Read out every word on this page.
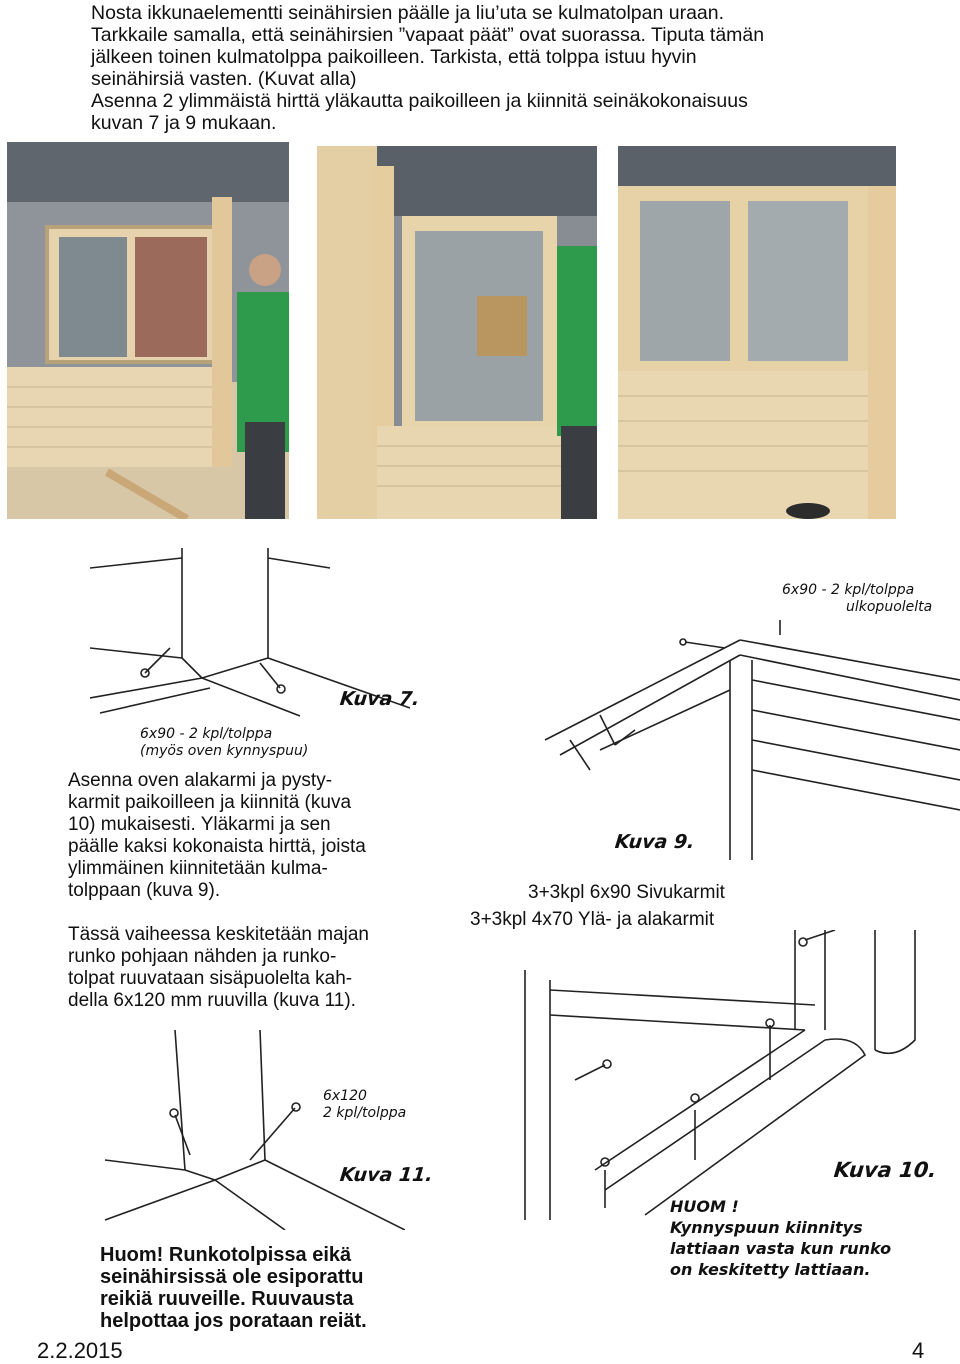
Nosta ikkunaelementti seinähirsien päälle ja liu’uta se kulmatolpan uraan.
Tarkkaile samalla, että seinähirsien ”vapaat päät” ovat suorassa. Tiputa tämän
jälkeen toinen kulmatolppa paikoilleen. Tarkista, että tolppa istuu hyvin
seinähirsiä vasten. (Kuvat alla)
Asenna 2 ylimmäistä hirttä yläkautta paikoilleen ja kiinnitä seinäkokonaisuus
kuvan 7 ja 9 mukaan.
Kuva 7.
6x90 - 2 kpl/tolppa
(myös oven kynnyspuu)
Asenna oven alakarmi ja pysty-
karmit paikoilleen ja kiinnitä (kuva
10) mukaisesti. Yläkarmi ja sen
päälle kaksi kokonaista hirttä, joista
ylimmäinen kiinnitetään kulma-
tolppaan (kuva 9).
Tässä vaiheessa keskitetään majan
runko pohjaan nähden ja runko-
tolpat ruuvataan sisäpuolelta kah-
della 6x120 mm ruuvilla (kuva 11).
6x90 - 2 kpl/tolppa
ulkopuolelta
Kuva 9.
3+3kpl 6x90 Sivukarmit
3+3kpl 4x70 Ylä- ja alakarmit
Kuva 10.
HUOM !
Kynnyspuun kiinnitys
lattiaan vasta kun runko
on keskitetty lattiaan.
6x120
2 kpl/tolppa
Kuva 11.
Huom! Runkotolpissa eikä
seinähirsissä ole esiporattu
reikiä ruuveille. Ruuvausta
helpottaa jos porataan reiät.
2.2.2015	4
